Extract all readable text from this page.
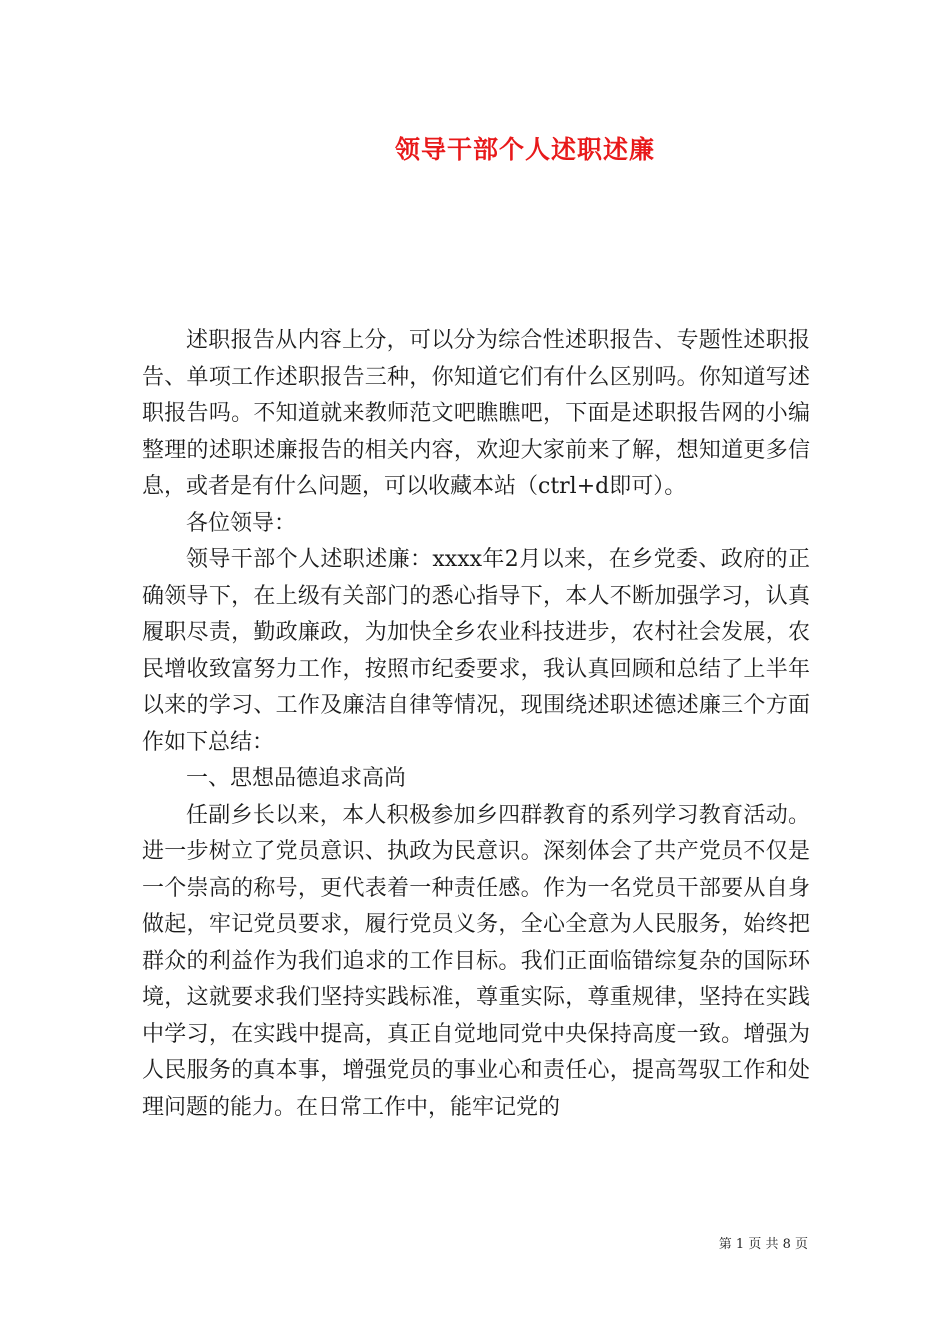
领导干部个人述职述廉

述职报告从内容上分，可以分为综合性述职报告、专题性述职报告、单项工作述职报告三种，你知道它们有什么区别吗。你知道写述职报告吗。不知道就来教师范文吧瞧瞧吧，下面是述职报告网的小编整理的述职述廉报告的相关内容，欢迎大家前来了解，想知道更多信息，或者是有什么问题，可以收藏本站（ctrl+d即可）。

各位领导：

领导干部个人述职述廉：xxxx年2月以来，在乡党委、政府的正确领导下，在上级有关部门的悉心指导下，本人不断加强学习，认真履职尽责，勤政廉政，为加快全乡农业科技进步，农村社会发展，农民增收致富努力工作，按照市纪委要求，我认真回顾和总结了上半年以来的学习、工作及廉洁自律等情况，现围绕述职述德述廉三个方面作如下总结：

一、思想品德追求高尚

任副乡长以来，本人积极参加乡四群教育的系列学习教育活动。进一步树立了党员意识、执政为民意识。深刻体会了共产党员不仅是一个崇高的称号，更代表着一种责任感。作为一名党员干部要从自身做起，牢记党员要求，履行党员义务，全心全意为人民服务，始终把群众的利益作为我们追求的工作目标。我们正面临错综复杂的国际环境，这就要求我们坚持实践标准，尊重实际，尊重规律，坚持在实践中学习，在实践中提高，真正自觉地同党中央保持高度一致。增强为人民服务的真本事，增强党员的事业心和责任心，提高驾驭工作和处理问题的能力。在日常工作中，能牢记党的

第 1 页 共 8 页
